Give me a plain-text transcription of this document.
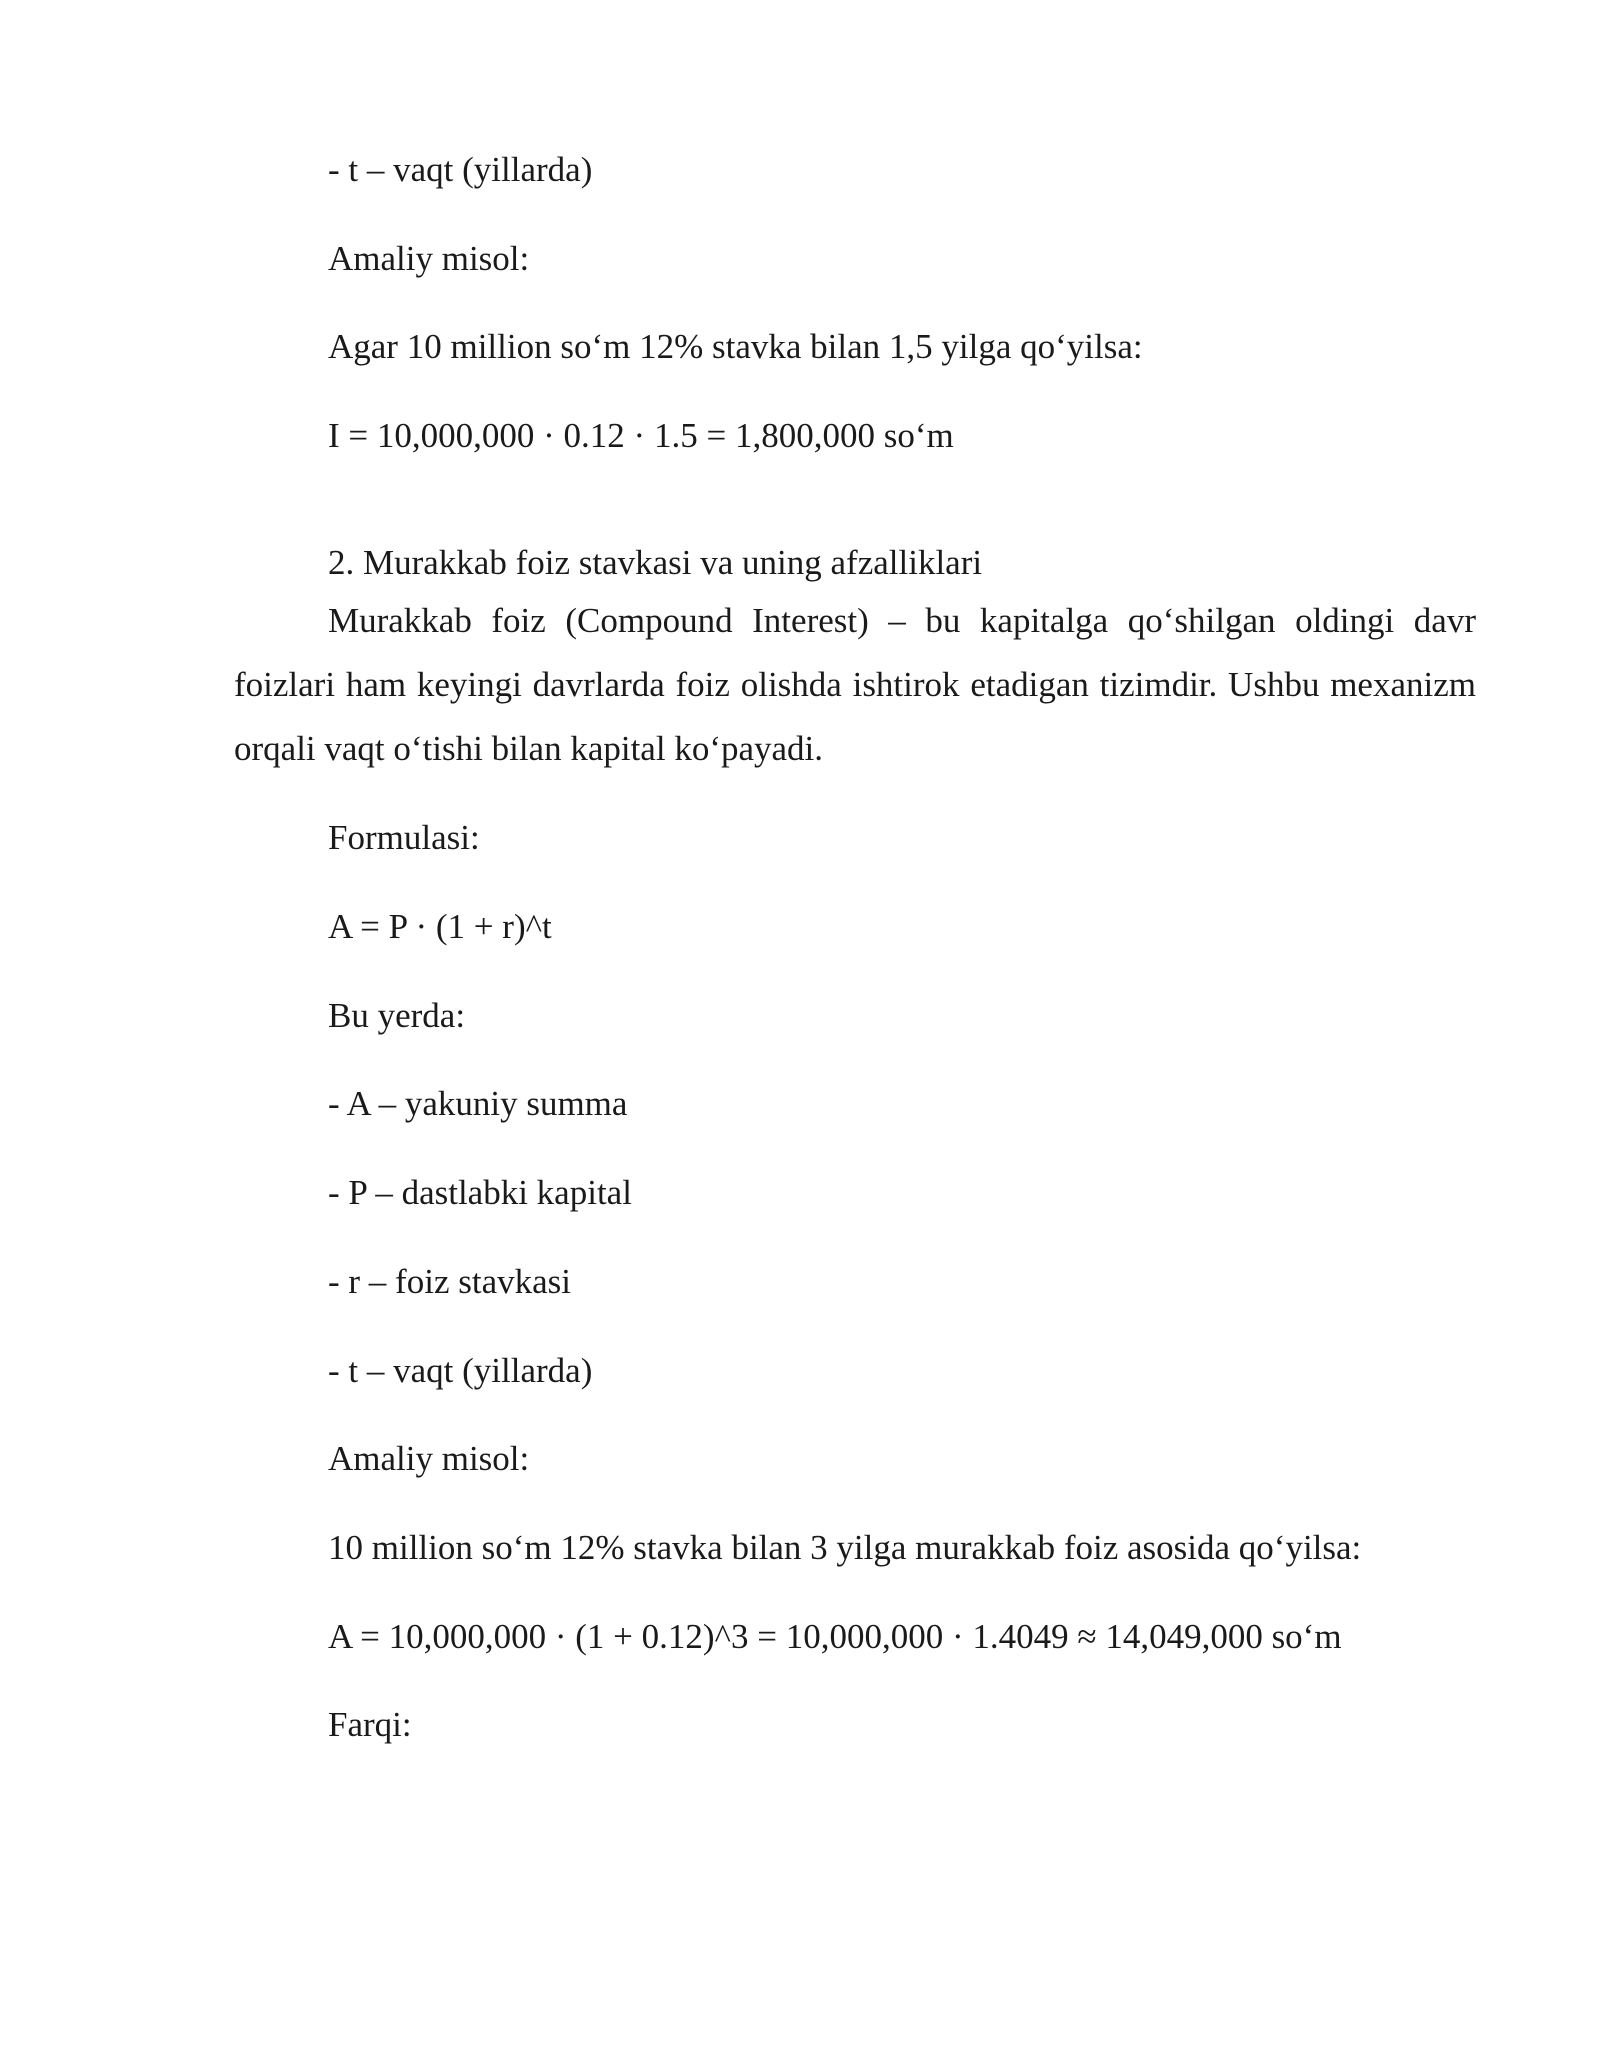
- t – vaqt (yillarda)
Amaliy misol:
Agar 10 million so‘m 12% stavka bilan 1,5 yilga qo‘yilsa:
I = 10,000,000 · 0.12 · 1.5 = 1,800,000 so‘m
2. Murakkab foiz stavkasi va uning afzalliklari

Murakkab foiz (Compound Interest) – bu kapitalga qo‘shilgan oldingi davr foizlari ham keyingi davrlarda foiz olishda ishtirok etadigan tizimdir. Ushbu mexanizm orqali vaqt o‘tishi bilan kapital ko‘payadi.

Formulasi:
A = P · (1 + r)^t
Bu yerda:
- A – yakuniy summa
- P – dastlabki kapital
- r – foiz stavkasi
- t – vaqt (yillarda)
Amaliy misol:
10 million so‘m 12% stavka bilan 3 yilga murakkab foiz asosida qo‘yilsa:
A = 10,000,000 · (1 + 0.12)^3 = 10,000,000 · 1.4049 ≈ 14,049,000 so‘m
Farqi:
